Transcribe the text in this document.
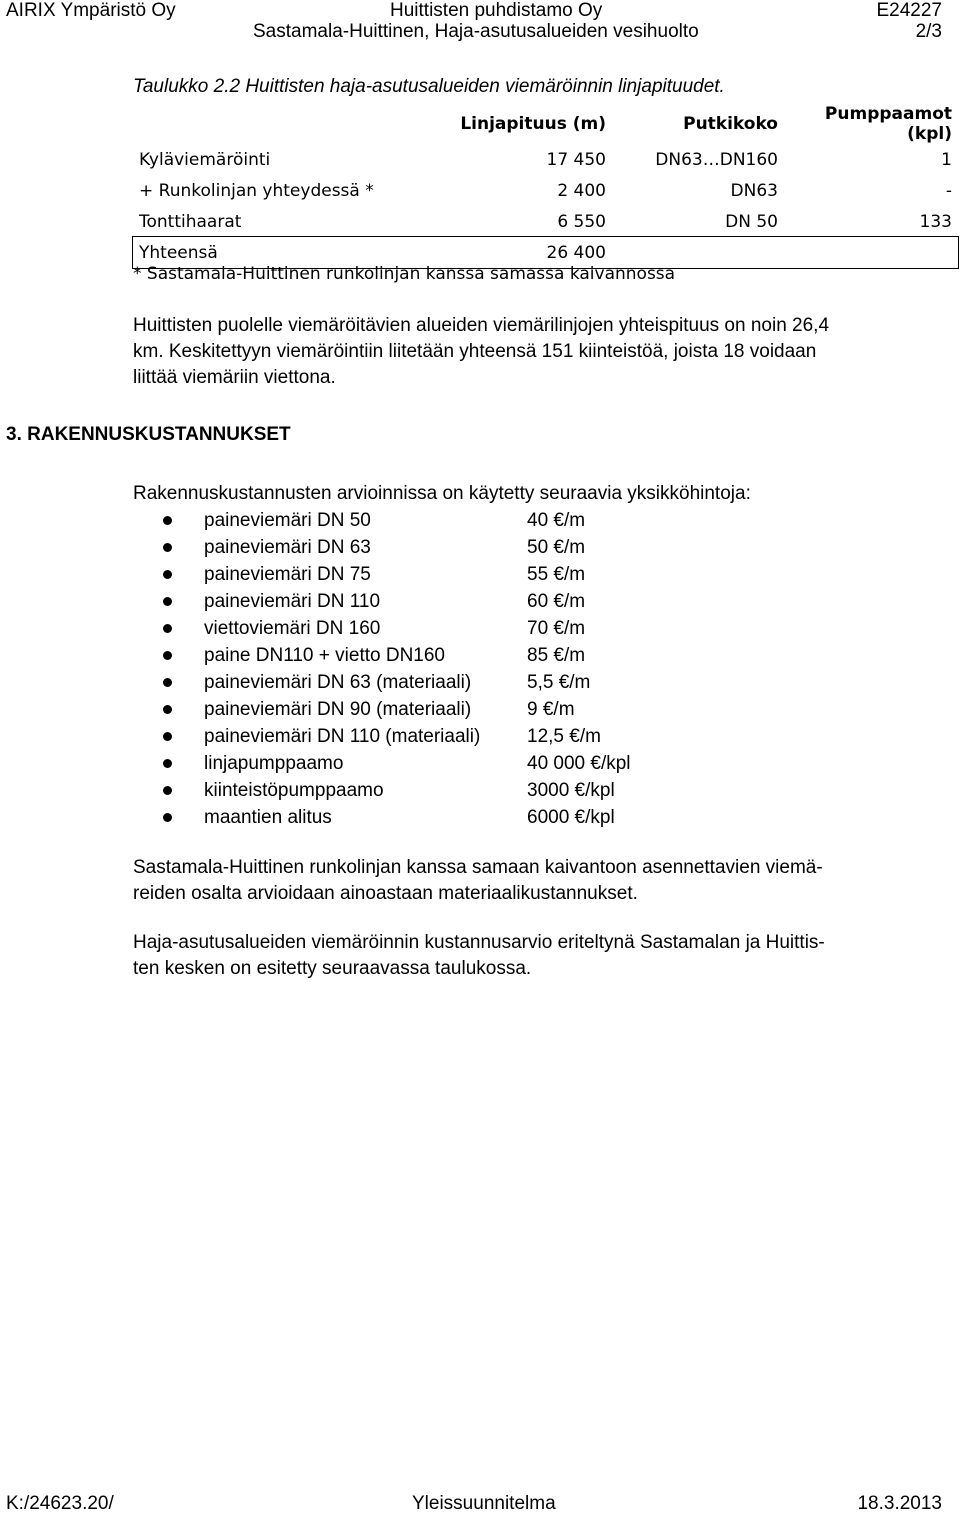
AIRIX Ympäristö Oy	Huittisten puhdistamo Oy	E24227
Sastamala-Huittinen, Haja-asutusalueiden vesihuolto	2/3
Taulukko 2.2 Huittisten haja-asutusalueiden viemäröinnin linjapituudet.
	Linjapituus (m)	Putkikoko	Pumppaamot (kpl)
Kyläviemäröinti	17 450	DN63…DN160	1
+ Runkolinjan yhteydessä *	2 400	DN63	-
Tonttihaarat	6 550	DN 50	133
Yhteensä	26 400		
* Sastamala-Huittinen runkolinjan kanssa samassa kaivannossa
Huittisten puolelle viemäröitävien alueiden viemärilinjojen yhteispituus on noin 26,4
km. Keskitettyyn viemäröintiin liitetään yhteensä 151 kiinteistöä, joista 18 voidaan
liittää viemäriin viettona.
3. RAKENNUSKUSTANNUKSET
Rakennuskustannusten arvioinnissa on käytetty seuraavia yksikköhintoja:
paineviemäri DN 50	40 €/m
paineviemäri DN 63	50 €/m
paineviemäri DN 75	55 €/m
paineviemäri DN 110	60 €/m
viettoviemäri DN 160	70 €/m
paine DN110 + vietto DN160	85 €/m
paineviemäri DN 63 (materiaali)	5,5 €/m
paineviemäri DN 90 (materiaali)	9 €/m
paineviemäri DN 110 (materiaali) 12,5 €/m
linjapumppaamo	40 000 €/kpl
kiinteistöpumppaamo	3000 €/kpl
maantien alitus	6000 €/kpl
Sastamala-Huittinen runkolinjan kanssa samaan kaivantoon asennettavien viemä-
reiden osalta arvioidaan ainoastaan materiaalikustannukset.
Haja-asutusalueiden viemäröinnin kustannusarvio eriteltynä Sastamalan ja Huittis-
ten kesken on esitetty seuraavassa taulukossa.
K:/24623.20/	Yleissuunnitelma	18.3.2013
